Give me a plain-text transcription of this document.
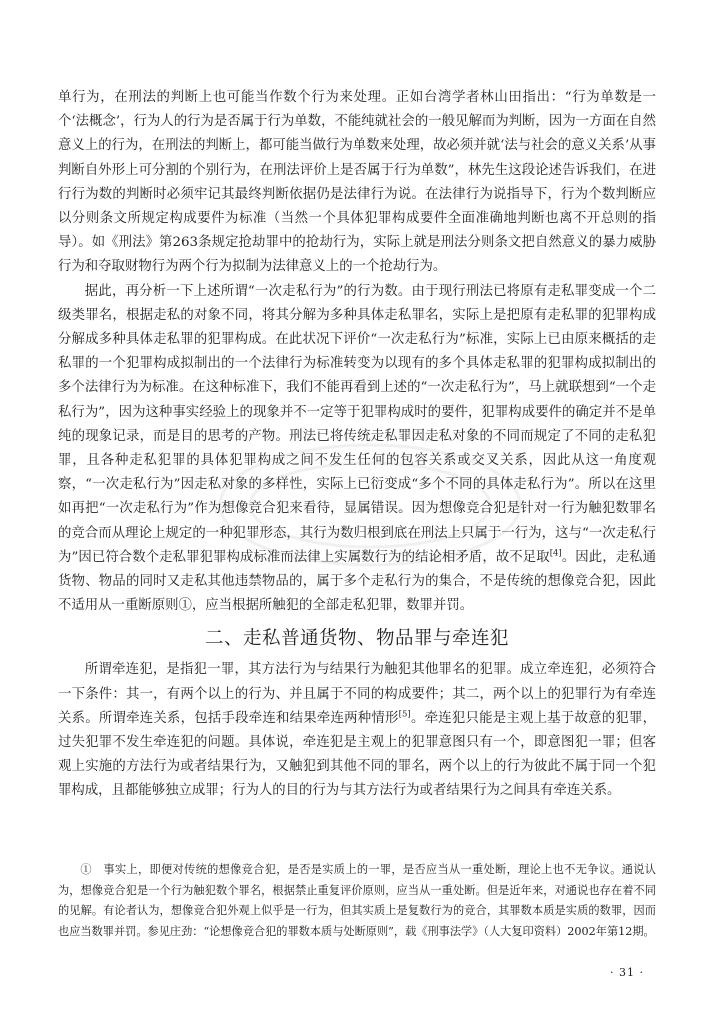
单行为，在刑法的判断上也可能当作数个行为来处理。正如台湾学者林山田指出：“行为单数是一个‘法概念’，行为人的行为是否属于行为单数，不能纯就社会的一般见解而为判断，因为一方面在自然意义上的行为，在刑法的判断上，都可能当做行为单数来处理，故必须并就‘法与社会的意义关系’从事判断自外形上可分割的个别行为，在刑法评价上是否属于行为单数”，林先生这段论述告诉我们，在进行行为数的判断时必须牢记其最终判断依据仍是法律行为说。在法律行为说指导下，行为个数判断应以分则条文所规定构成要件为标准（当然一个具体犯罪构成要件全面准确地判断也离不开总则的指导）。如《刑法》第263条规定抢劫罪中的抢劫行为，实际上就是刑法分则条文把自然意义的暴力威胁行为和夺取财物行为两个行为拟制为法律意义上的一个抢劫行为。

据此，再分析一下上述所谓“一次走私行为”的行为数。由于现行刑法已将原有走私罪变成一个二级类罪名，根据走私的对象不同，将其分解为多种具体走私罪名，实际上是把原有走私罪的犯罪构成分解成多种具体走私罪的犯罪构成。在此状况下评价“一次走私行为”标准，实际上已由原来概括的走私罪的一个犯罪构成拟制出的一个法律行为标准转变为以现有的多个具体走私罪的犯罪构成拟制出的多个法律行为为标准。在这种标准下，我们不能再看到上述的“一次走私行为”，马上就联想到“一个走私行为”，因为这种事实经验上的现象并不一定等于犯罪构成时的要件，犯罪构成要件的确定并不是单纯的现象记录，而是目的思考的产物。刑法已将传统走私罪因走私对象的不同而规定了不同的走私犯罪，且各种走私犯罪的具体犯罪构成之间不发生任何的包容关系或交叉关系，因此从这一角度观察，“一次走私行为”因走私对象的多样性，实际上已衍变成“多个不同的具体走私行为”。所以在这里如再把“一次走私行为”作为想像竞合犯来看待，显属错误。因为想像竞合犯是针对一行为触犯数罪名的竞合而从理论上规定的一种犯罪形态，其行为数归根到底在刑法上只属于一行为，这与“一次走私行为”因已符合数个走私罪犯罪构成标准而法律上实属数行为的结论相矛盾，故不足取[4]。因此，走私通货物、物品的同时又走私其他违禁物品的，属于多个走私行为的集合，不是传统的想像竞合犯，因此不适用从一重断原则①，应当根据所触犯的全部走私犯罪，数罪并罚。

二、走私普通货物、物品罪与牵连犯

所谓牵连犯，是指犯一罪，其方法行为与结果行为触犯其他罪名的犯罪。成立牵连犯，必须符合一下条件：其一，有两个以上的行为、并且属于不同的构成要件；其二，两个以上的犯罪行为有牵连关系。所谓牵连关系，包括手段牵连和结果牵连两种情形[5]。牵连犯只能是主观上基于故意的犯罪，过失犯罪不发生牵连犯的问题。具体说，牵连犯是主观上的犯罪意图只有一个，即意图犯一罪；但客观上实施的方法行为或者结果行为，又触犯到其他不同的罪名，两个以上的行为彼此不属于同一个犯罪构成，且都能够独立成罪；行为人的目的行为与其方法行为或者结果行为之间具有牵连关系。

①　事实上，即便对传统的想像竞合犯，是否是实质上的一罪，是否应当从一重处断，理论上也不无争议。通说认为，想像竞合犯是一个行为触犯数个罪名，根据禁止重复评价原则，应当从一重处断。但是近年来，对通说也存在着不同的见解。有论者认为，想像竞合犯外观上似乎是一行为，但其实质上是复数行为的竞合，其罪数本质是实质的数罪，因而也应当数罪并罚。参见庄劲：“论想像竞合犯的罪数本质与处断原则”，载《刑事法学》（人大复印资料）2002年第12期。

· 31 ·
